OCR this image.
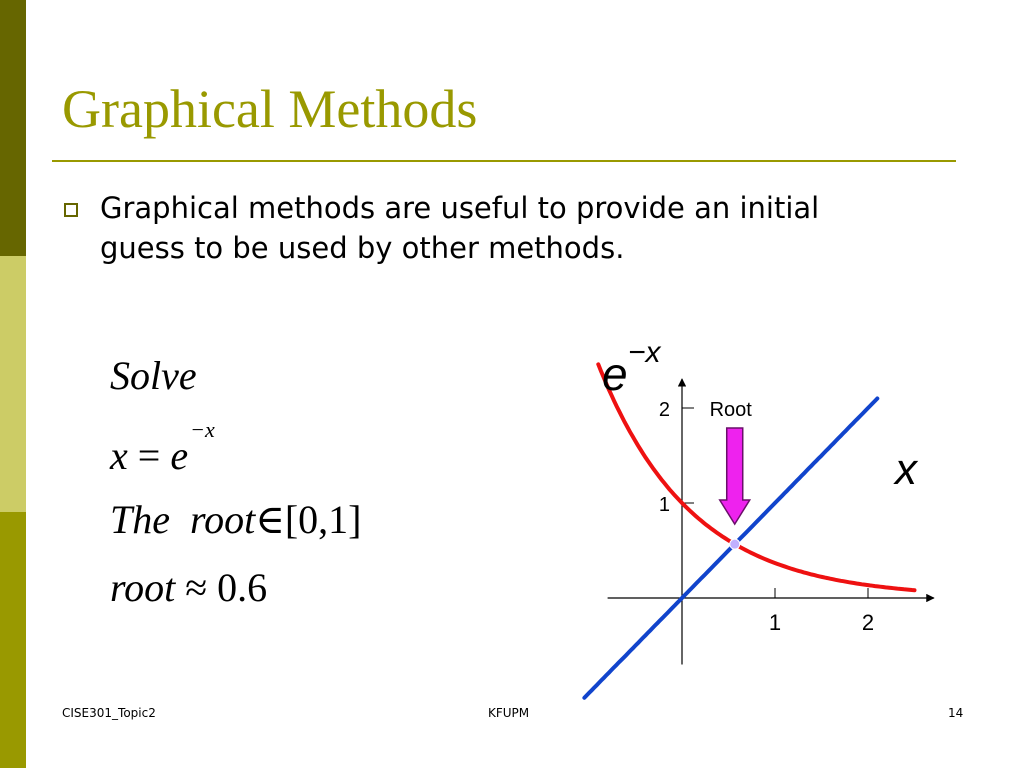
Graphical Methods
Graphical methods are useful to provide an initial guess to be used by other methods.
Solve
$x = e^{-x}$
The root∈[0,1]
root ≈ 0.6
1	2
1
2
e −x
x
Root
CISE301_Topic2	KFUPM	14
